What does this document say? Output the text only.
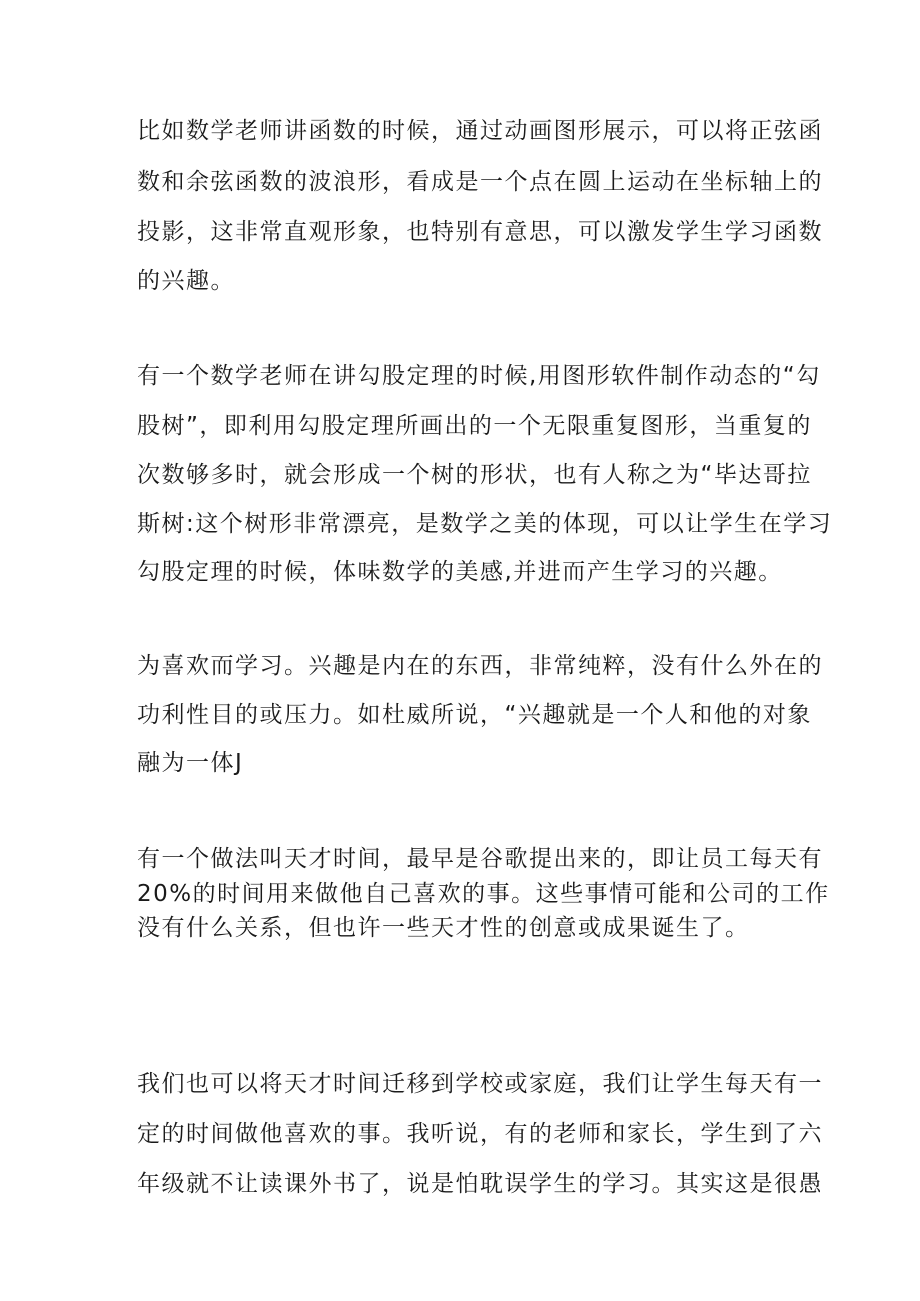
比如数学老师讲函数的时候，通过动画图形展示，可以将正弦函
数和余弦函数的波浪形，看成是一个点在圆上运动在坐标轴上的
投影，这非常直观形象，也特别有意思，可以激发学生学习函数
的兴趣。
有一个数学老师在讲勾股定理的时候,用图形软件制作动态的“勾
股树”，即利用勾股定理所画出的一个无限重复图形，当重复的
次数够多时，就会形成一个树的形状，也有人称之为“毕达哥拉
斯树:这个树形非常漂亮，是数学之美的体现，可以让学生在学习
勾股定理的时候，体味数学的美感,并进而产生学习的兴趣。
为喜欢而学习。兴趣是内在的东西，非常纯粹，没有什么外在的
功利性目的或压力。如杜威所说，“兴趣就是一个人和他的对象
融为一体J
有一个做法叫天才时间，最早是谷歌提出来的，即让员工每天有
20%的时间用来做他自己喜欢的事。这些事情可能和公司的工作
没有什么关系，但也许一些天才性的创意或成果诞生了。
我们也可以将天才时间迁移到学校或家庭，我们让学生每天有一
定的时间做他喜欢的事。我听说，有的老师和家长，学生到了六
年级就不让读课外书了，说是怕耽误学生的学习。其实这是很愚
